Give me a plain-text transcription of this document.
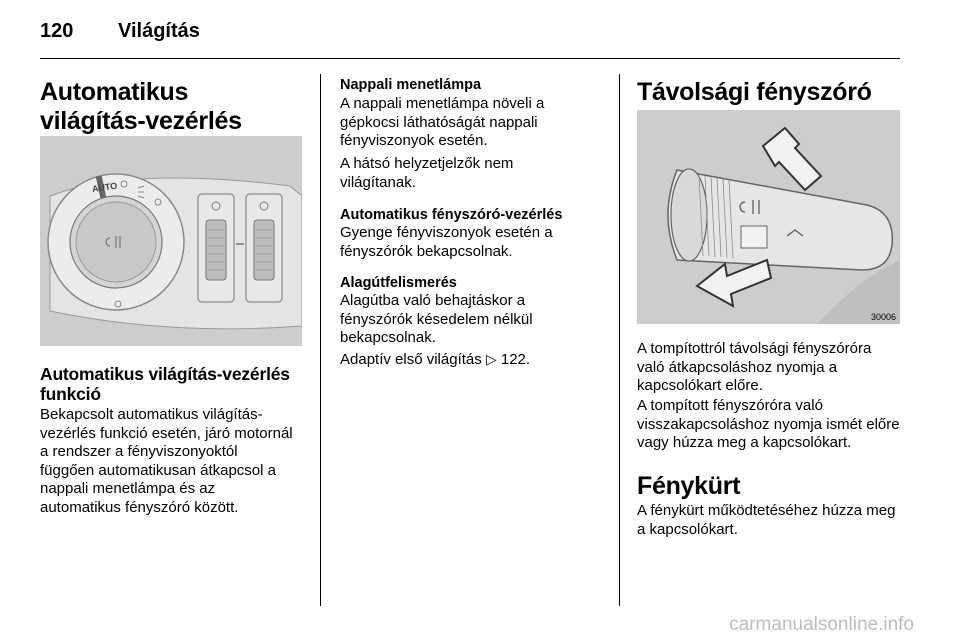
120 Világítás
Automatikus világítás-vezérlés
AUTO
Automatikus világítás-vezérlés funkció

Bekapcsolt automatikus világítás-vezérlés funkció esetén, járó motornál a rendszer a fényviszonyoktól függően automatikusan átkapcsol a nappali menetlámpa és az automatikus fényszóró között.

Nappali menetlámpa

A nappali menetlámpa növeli a gépkocsi láthatóságát nappali fényviszonyok esetén.

A hátsó helyzetjelzők nem világítanak.

Automatikus fényszóró-vezérlés

Gyenge fényviszonyok esetén a fényszórók bekapcsolnak.

Alagútfelismerés

Alagútba való behajtáskor a fényszórók késedelem nélkül bekapcsolnak.

Adaptív első világítás ▷ 122.

Távolsági fényszóró
30006

A tompítottról távolsági fényszóróra való átkapcsoláshoz nyomja a kapcsolókart előre.

A tompított fényszóróra való visszakapcsoláshoz nyomja ismét előre vagy húzza meg a kapcsolókart.

Fénykürt

A fénykürt működtetéséhez húzza meg a kapcsolókart.

carmanualsonline.info
